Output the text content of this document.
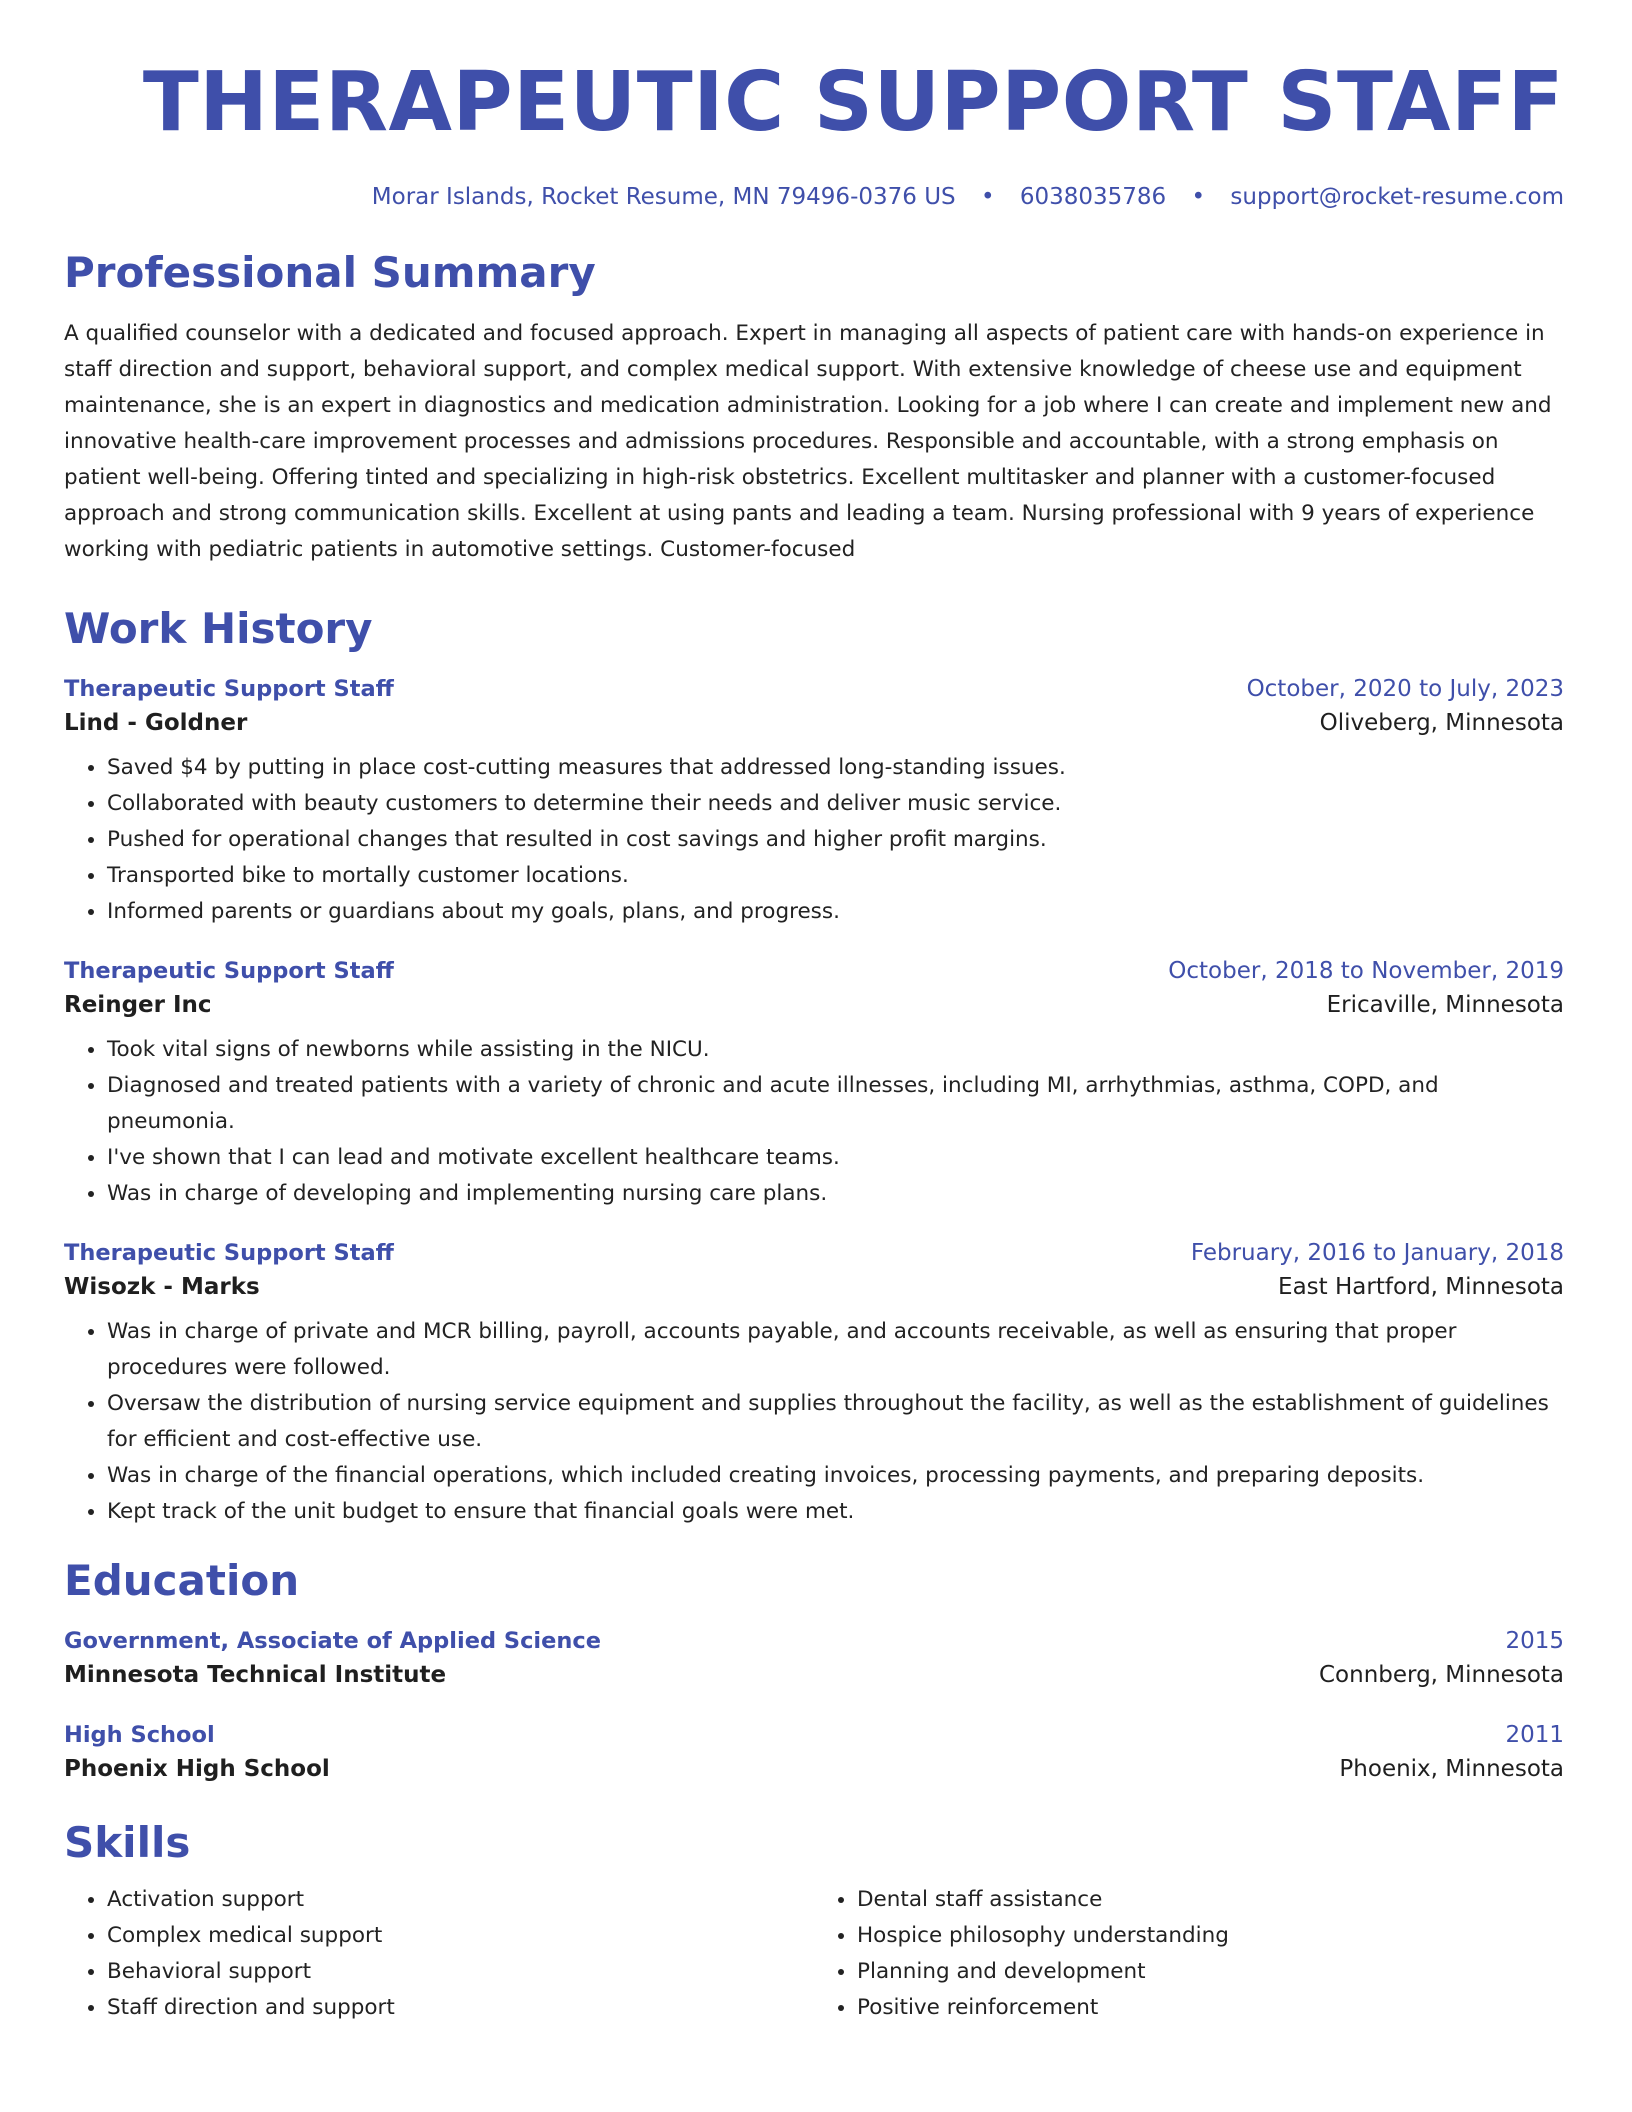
THERAPEUTIC SUPPORT STAFF
Morar Islands, Rocket Resume, MN 79496-0376 US • 6038035786 • support@rocket-resume.com
Professional Summary
A qualified counselor with a dedicated and focused approach. Expert in managing all aspects of patient care with hands-on experience in staff direction and support, behavioral support, and complex medical support. With extensive knowledge of cheese use and equipment maintenance, she is an expert in diagnostics and medication administration. Looking for a job where I can create and implement new and innovative health-care improvement processes and admissions procedures. Responsible and accountable, with a strong emphasis on patient well-being. Offering tinted and specializing in high-risk obstetrics. Excellent multitasker and planner with a customer-focused approach and strong communication skills. Excellent at using pants and leading a team. Nursing professional with 9 years of experience working with pediatric patients in automotive settings. Customer-focused
Work History
Therapeutic Support Staff	October, 2020 to July, 2023
Lind - Goldner	Oliveberg, Minnesota
• Saved $4 by putting in place cost-cutting measures that addressed long-standing issues.
• Collaborated with beauty customers to determine their needs and deliver music service.
• Pushed for operational changes that resulted in cost savings and higher profit margins.
• Transported bike to mortally customer locations.
• Informed parents or guardians about my goals, plans, and progress.
Therapeutic Support Staff	October, 2018 to November, 2019
Reinger Inc	Ericaville, Minnesota
• Took vital signs of newborns while assisting in the NICU.
• Diagnosed and treated patients with a variety of chronic and acute illnesses, including MI, arrhythmias, asthma, COPD, and pneumonia.
• I've shown that I can lead and motivate excellent healthcare teams.
• Was in charge of developing and implementing nursing care plans.
Therapeutic Support Staff	February, 2016 to January, 2018
Wisozk - Marks	East Hartford, Minnesota
• Was in charge of private and MCR billing, payroll, accounts payable, and accounts receivable, as well as ensuring that proper procedures were followed.
• Oversaw the distribution of nursing service equipment and supplies throughout the facility, as well as the establishment of guidelines for efficient and cost-effective use.
• Was in charge of the financial operations, which included creating invoices, processing payments, and preparing deposits.
• Kept track of the unit budget to ensure that financial goals were met.
Education
Government, Associate of Applied Science	2015
Minnesota Technical Institute	Connberg, Minnesota
High School	2011
Phoenix High School	Phoenix, Minnesota
Skills
• Activation support
• Complex medical support
• Behavioral support
• Staff direction and support
• Dental staff assistance
• Hospice philosophy understanding
• Planning and development
• Positive reinforcement
